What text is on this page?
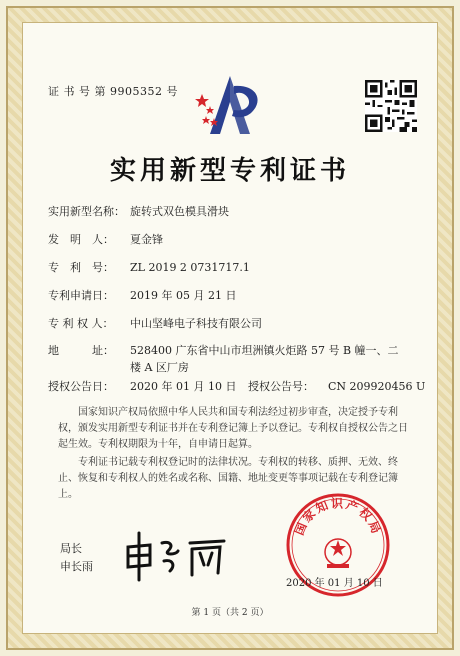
证 书 号 第 9905352 号
实用新型专利证书
实用新型名称： 旋转式双色模具滑块
发　明　人： 夏金锋
专　利　号： ZL 2019 2 0731717.1
专利申请日： 2019 年 05 月 21 日
专 利 权 人： 中山坚峰电子科技有限公司
地　　　址： 528400 广东省中山市坦洲镇火炬路 57 号 B 幢一、二楼 A 区厂房
授权公告日： 2020 年 01 月 10 日 授权公告号： CN 209920456 U
国家知识产权局依照中华人民共和国专利法经过初步审查，决定授予专利权，颁发实用新型专利证书并在专利登记簿上予以登记。专利权自授权公告之日起生效。专利权期限为十年，自申请日起算。
专利证书记载专利权登记时的法律状况。专利权的转移、质押、无效、终止、恢复和专利权人的姓名或名称、国籍、地址变更等事项记载在专利登记簿上。
局长
申长雨
国家知识产权局
2020 年 01 月 10 日
第 1 页（共 2 页）
